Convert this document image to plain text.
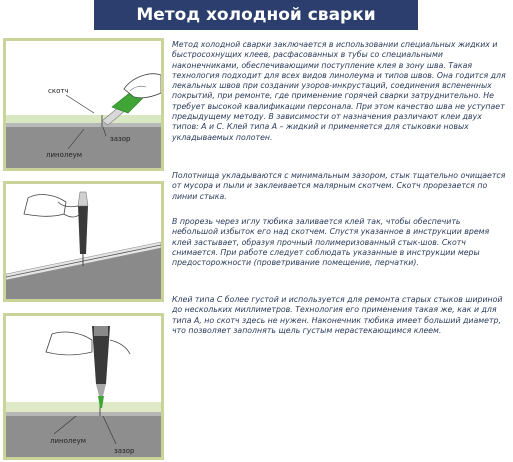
Метод холодной сварки
скотч
линолеум
зазор
линолеум
зазор

Метод холодной сварки заключается в использовании специальных жидких и быстросохнущих клеев, расфасованных в тубы со специальными наконечниками, обеспечивающими поступление клея в зону шва. Такая технология подходит для всех видов линолеума и типов швов. Она годится для лекальных швов при создании узоров-инкрустаций, соединения вспененных покрытий, при ремонте, где применение горячей сварки затруднительно. Не требует высокой квалификации персонала. При этом качество шва не уступает предыдущему методу. В зависимости от назначения различают клеи двух типов: А и С. Клей типа А – жидкий и применяется для стыковки новых укладываемых полотен.

Полотнища укладываются с минимальным зазором, стык тщательно очищается от мусора и пыли и заклеивается малярным скотчем. Скотч прорезается по линии стыка.

В прорезь через иглу тюбика заливается клей так, чтобы обеспечить небольшой избыток его над скотчем. Спустя указанное в инструкции время клей застывает, образуя прочный полимеризованный стык-шов. Скотч снимается. При работе следует соблюдать указанные в инструкции меры предосторожности (проветривание помещение, перчатки).

Клей типа С более густой и используется для ремонта старых стыков шириной до нескольких миллиметров. Технология его применения такая же, как и для типа А, но скотч здесь не нужен. Наконечник тюбика имеет больший диаметр, что позволяет заполнять щель густым нерастекающимся клеем.
